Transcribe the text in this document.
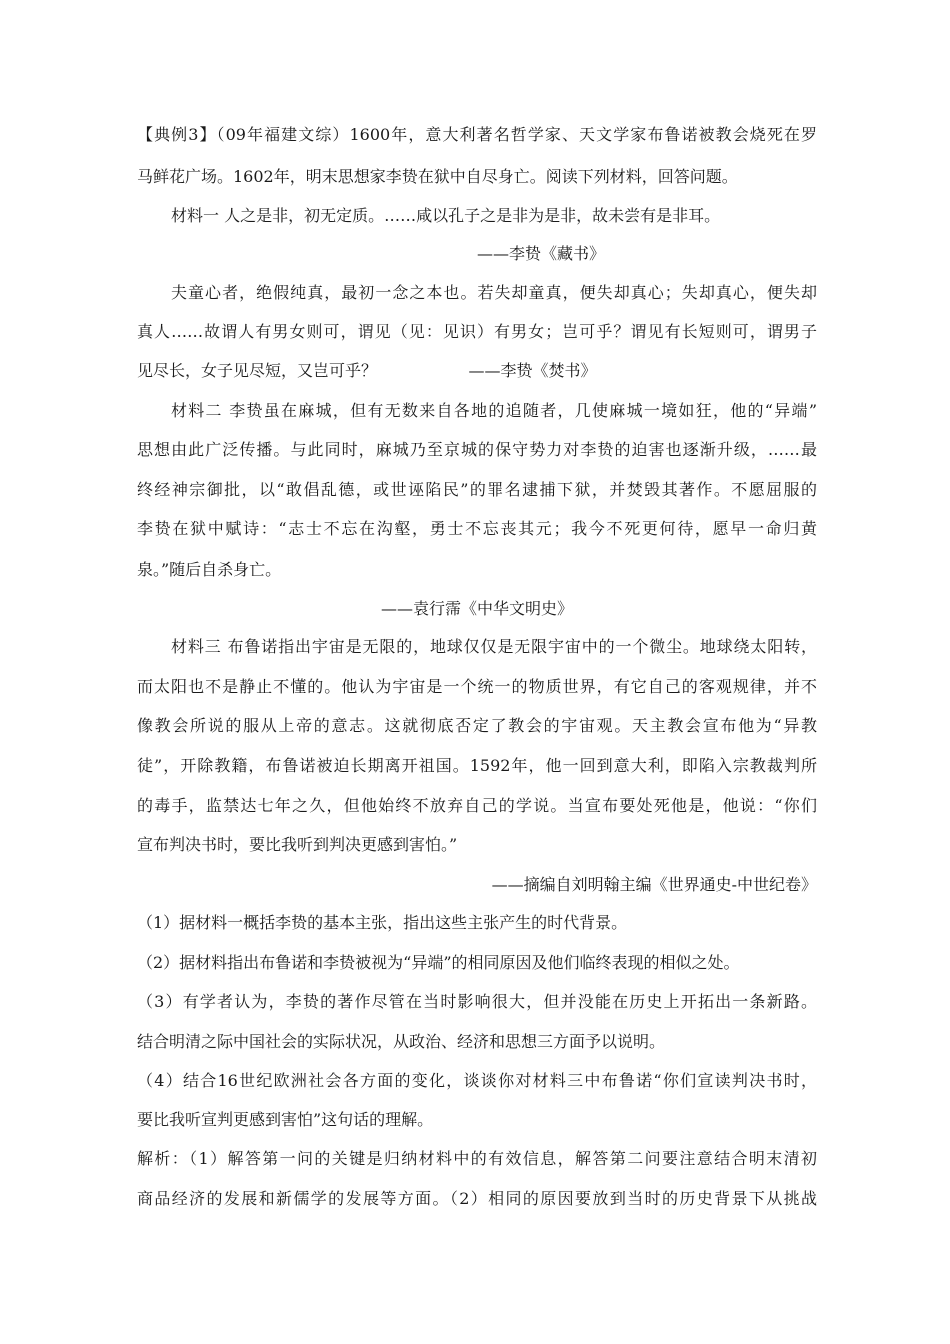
【典例3】（09年福建文综）1600年，意大利著名哲学家、天文学家布鲁诺被教会烧死在罗
马鲜花广场。1602年，明末思想家李贽在狱中自尽身亡。阅读下列材料，回答问题。
材料一 人之是非，初无定质。……咸以孔子之是非为是非，故未尝有是非耳。
——李贽《藏书》
夫童心者，绝假纯真，最初一念之本也。若失却童真，便失却真心；失却真心，便失却
真人……故谓人有男女则可，谓见（见：见识）有男女；岂可乎？谓见有长短则可，谓男子
见尽长，女子见尽短，又岂可乎？                  ——李贽《焚书》
材料二 李贽虽在麻城，但有无数来自各地的追随者，几使麻城一境如狂，他的“异端”
思想由此广泛传播。与此同时，麻城乃至京城的保守势力对李贽的迫害也逐渐升级，……最
终经神宗御批，以“敢倡乱德，或世诬陷民”的罪名逮捕下狱，并焚毁其著作。不愿屈服的
李贽在狱中赋诗：“志士不忘在沟壑，勇士不忘丧其元；我今不死更何待，愿早一命归黄
泉。”随后自杀身亡。
——袁行霈《中华文明史》
材料三 布鲁诺指出宇宙是无限的，地球仅仅是无限宇宙中的一个微尘。地球绕太阳转，
而太阳也不是静止不懂的。他认为宇宙是一个统一的物质世界，有它自己的客观规律，并不
像教会所说的服从上帝的意志。这就彻底否定了教会的宇宙观。天主教会宣布他为“异教
徒”，开除教籍，布鲁诺被迫长期离开祖国。1592年，他一回到意大利，即陷入宗教裁判所
的毒手，监禁达七年之久，但他始终不放弃自己的学说。当宣布要处死他是，他说：“你们
宣布判决书时，要比我听到判决更感到害怕。”
——摘编自刘明翰主编《世界通史-中世纪卷》
（1）据材料一概括李贽的基本主张，指出这些主张产生的时代背景。
（2）据材料指出布鲁诺和李贽被视为“异端”的相同原因及他们临终表现的相似之处。
（3）有学者认为，李贽的著作尽管在当时影响很大，但并没能在历史上开拓出一条新路。
结合明清之际中国社会的实际状况，从政治、经济和思想三方面予以说明。
（4）结合16世纪欧洲社会各方面的变化，谈谈你对材料三中布鲁诺“你们宣读判决书时，
要比我听宣判更感到害怕”这句话的理解。
解析：（1）解答第一问的关键是归纳材料中的有效信息，解答第二问要注意结合明末清初
商品经济的发展和新儒学的发展等方面。（2）相同的原因要放到当时的历史背景下从挑战
